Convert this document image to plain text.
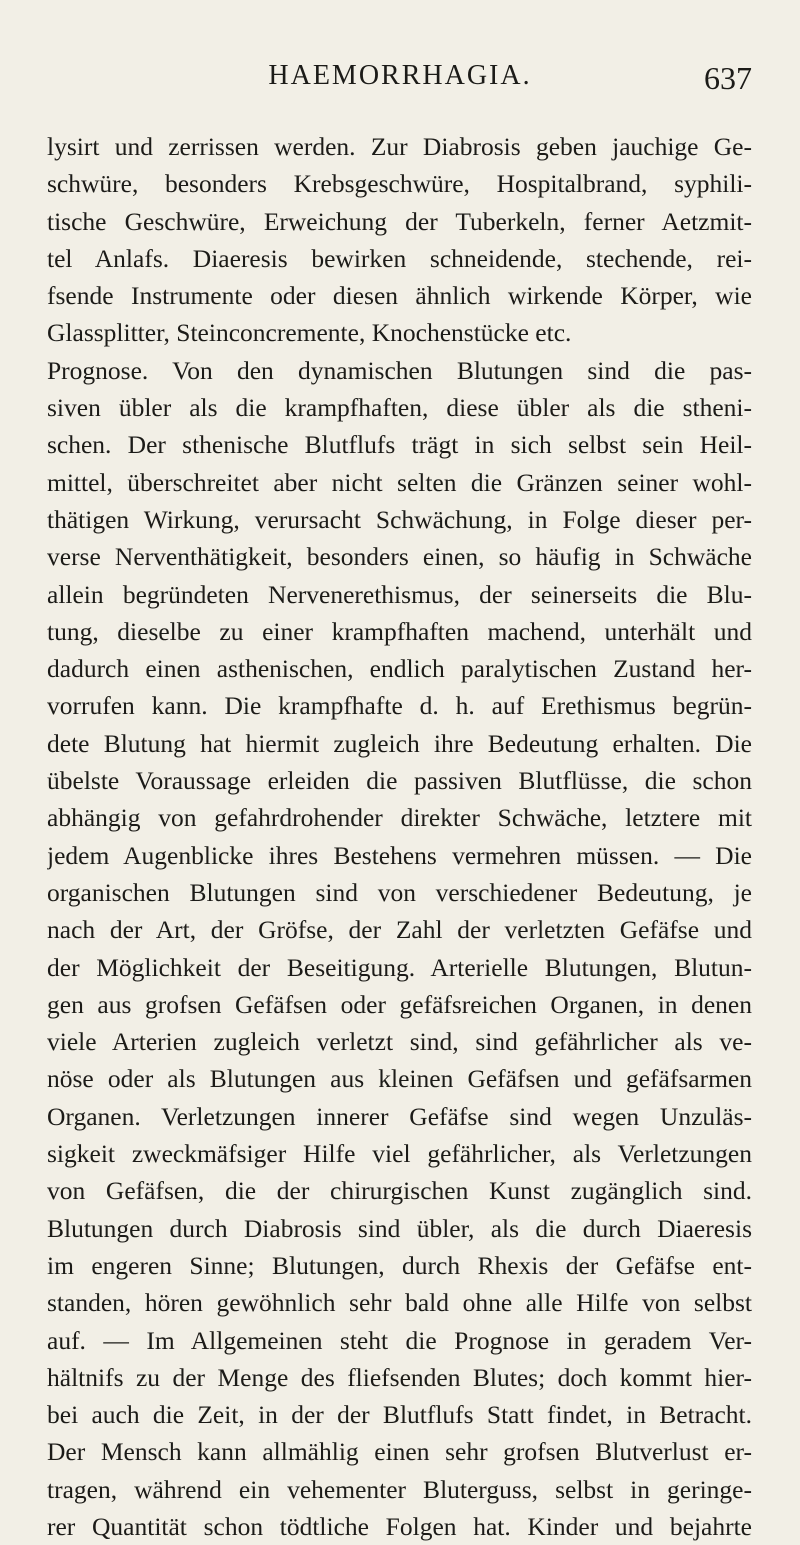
HAEMORRHAGIA.	637
lysirt und zerrissen werden. Zur Diabrosis geben jauchige Ge-
schwüre, besonders Krebsgeschwüre, Hospitalbrand, syphili-
tische Geschwüre, Erweichung der Tuberkeln, ferner Aetzmit-
tel Anlafs. Diaeresis bewirken schneidende, stechende, rei-
fsende Instrumente oder diesen ähnlich wirkende Körper, wie
Glassplitter, Steinconcremente, Knochenstücke etc.
Prognose. Von den dynamischen Blutungen sind die pas-
siven übler als die krampfhaften, diese übler als die stheni-
schen. Der sthenische Blutflufs trägt in sich selbst sein Heil-
mittel, überschreitet aber nicht selten die Gränzen seiner wohl-
thätigen Wirkung, verursacht Schwächung, in Folge dieser per-
verse Nerventhätigkeit, besonders einen, so häufig in Schwäche
allein begründeten Nervenerethismus, der seinerseits die Blu-
tung, dieselbe zu einer krampfhaften machend, unterhält und
dadurch einen asthenischen, endlich paralytischen Zustand her-
vorrufen kann. Die krampfhafte d. h. auf Erethismus begrün-
dete Blutung hat hiermit zugleich ihre Bedeutung erhalten. Die
übelste Voraussage erleiden die passiven Blutflüsse, die schon
abhängig von gefahrdrohender direkter Schwäche, letztere mit
jedem Augenblicke ihres Bestehens vermehren müssen. — Die
organischen Blutungen sind von verschiedener Bedeutung, je
nach der Art, der Gröfse, der Zahl der verletzten Gefäfse und
der Möglichkeit der Beseitigung. Arterielle Blutungen, Blutun-
gen aus grofsen Gefäfsen oder gefäfsreichen Organen, in denen
viele Arterien zugleich verletzt sind, sind gefährlicher als ve-
nöse oder als Blutungen aus kleinen Gefäfsen und gefäfsarmen
Organen. Verletzungen innerer Gefäfse sind wegen Unzuläs-
sigkeit zweckmäfsiger Hilfe viel gefährlicher, als Verletzungen
von Gefäfsen, die der chirurgischen Kunst zugänglich sind.
Blutungen durch Diabrosis sind übler, als die durch Diaeresis
im engeren Sinne; Blutungen, durch Rhexis der Gefäfse ent-
standen, hören gewöhnlich sehr bald ohne alle Hilfe von selbst
auf. — Im Allgemeinen steht die Prognose in geradem Ver-
hältnifs zu der Menge des fliefsenden Blutes; doch kommt hier-
bei auch die Zeit, in der der Blutflufs Statt findet, in Betracht.
Der Mensch kann allmählig einen sehr grofsen Blutverlust er-
tragen, während ein vehementer Bluterguss, selbst in geringe-
rer Quantität schon tödtliche Folgen hat. Kinder und bejahrte
